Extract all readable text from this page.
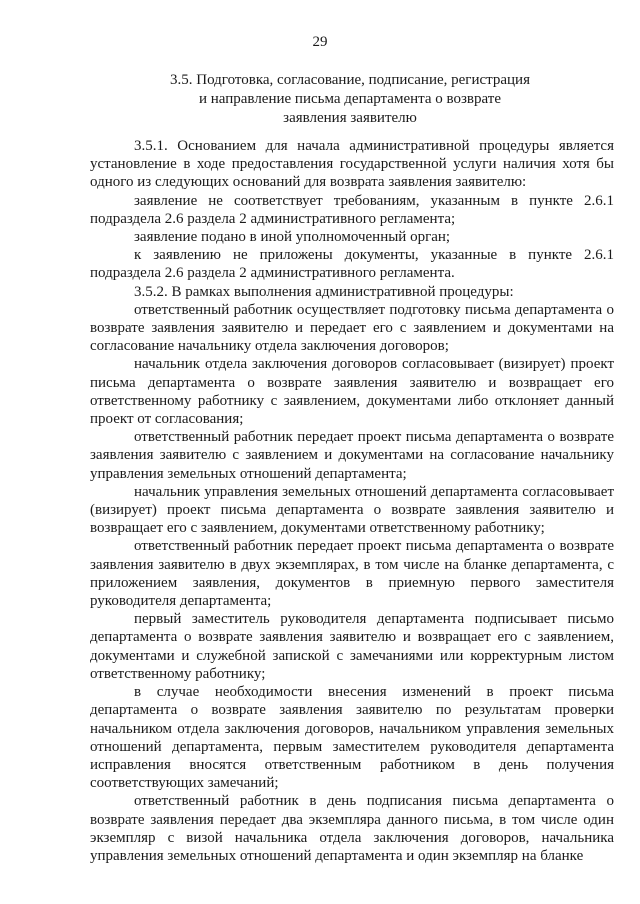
29
3.5. Подготовка, согласование, подписание, регистрация
и направление письма департамента о возврате
заявления заявителю

3.5.1. Основанием для начала административной процедуры является установление в ходе предоставления государственной услуги наличия хотя бы одного из следующих оснований для возврата заявления заявителю:

заявление не соответствует требованиям, указанным в пункте 2.6.1 подраздела 2.6 раздела 2 административного регламента;

заявление подано в иной уполномоченный орган;

к заявлению не приложены документы, указанные в пункте 2.6.1 подраздела 2.6 раздела 2 административного регламента.

3.5.2. В рамках выполнения административной процедуры:

ответственный работник осуществляет подготовку письма департамента о возврате заявления заявителю и передает его с заявлением и документами на согласование начальнику отдела заключения договоров;

начальник отдела заключения договоров согласовывает (визирует) проект письма департамента о возврате заявления заявителю и возвращает его ответственному работнику с заявлением, документами либо отклоняет данный проект от согласования;

ответственный работник передает проект письма департамента о возврате заявления заявителю с заявлением и документами на согласование начальнику управления земельных отношений департамента;

начальник управления земельных отношений департамента согласовывает (визирует) проект письма департамента о возврате заявления заявителю и возвращает его с заявлением, документами ответственному работнику;

ответственный работник передает проект письма департамента о возврате заявления заявителю в двух экземплярах, в том числе на бланке департамента, с приложением заявления, документов в приемную первого заместителя руководителя департамента;

первый заместитель руководителя департамента подписывает письмо департамента о возврате заявления заявителю и возвращает его с заявлением, документами и служебной запиской с замечаниями или корректурным листом ответственному работнику;

в случае необходимости внесения изменений в проект письма департамента о возврате заявления заявителю по результатам проверки начальником отдела заключения договоров, начальником управления земельных отношений департамента, первым заместителем руководителя департамента исправления вносятся ответственным работником в день получения соответствующих замечаний;

ответственный работник в день подписания письма департамента о возврате заявления передает два экземпляра данного письма, в том числе один экземпляр с визой начальника отдела заключения договоров, начальника управления земельных отношений департамента и один экземпляр на бланке
